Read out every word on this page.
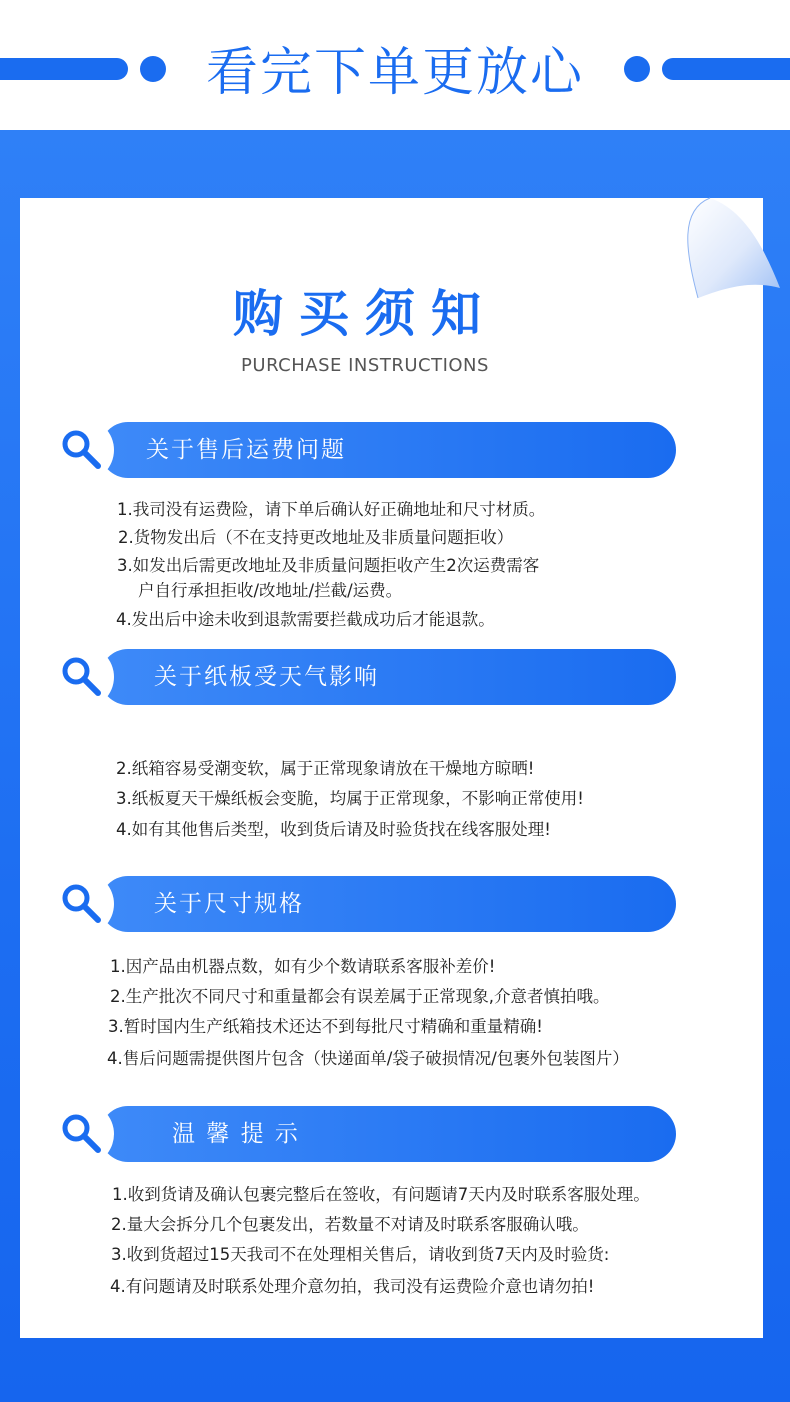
看完下单更放心
购买须知
PURCHASE INSTRUCTIONS
关于售后运费问题
1.我司没有运费险，请下单后确认好正确地址和尺寸材质。
2.货物发出后（不在支持更改地址及非质量问题拒收）
3.如发出后需更改地址及非质量问题拒收产生2次运费需客
户自行承担拒收/改地址/拦截/运费。
4.发出后中途未收到退款需要拦截成功后才能退款。
关于纸板受天气影响
2.纸箱容易受潮变软，属于正常现象请放在干燥地方晾晒!
3.纸板夏天干燥纸板会变脆，均属于正常现象，不影响正常使用!
4.如有其他售后类型，收到货后请及时验货找在线客服处理!
关于尺寸规格
1.因产品由机器点数，如有少个数请联系客服补差价!
2.生产批次不同尺寸和重量都会有误差属于正常现象,介意者慎拍哦。
3.暂时国内生产纸箱技术还达不到每批尺寸精确和重量精确!
4.售后问题需提供图片包含（快递面单/袋子破损情况/包裹外包装图片）
温 馨 提 示
1.收到货请及确认包裹完整后在签收，有问题请7天内及时联系客服处理。
2.量大会拆分几个包裹发出，若数量不对请及时联系客服确认哦。
3.收到货超过15天我司不在处理相关售后，请收到货7天内及时验货:
4.有问题请及时联系处理介意勿拍，我司没有运费险介意也请勿拍!
